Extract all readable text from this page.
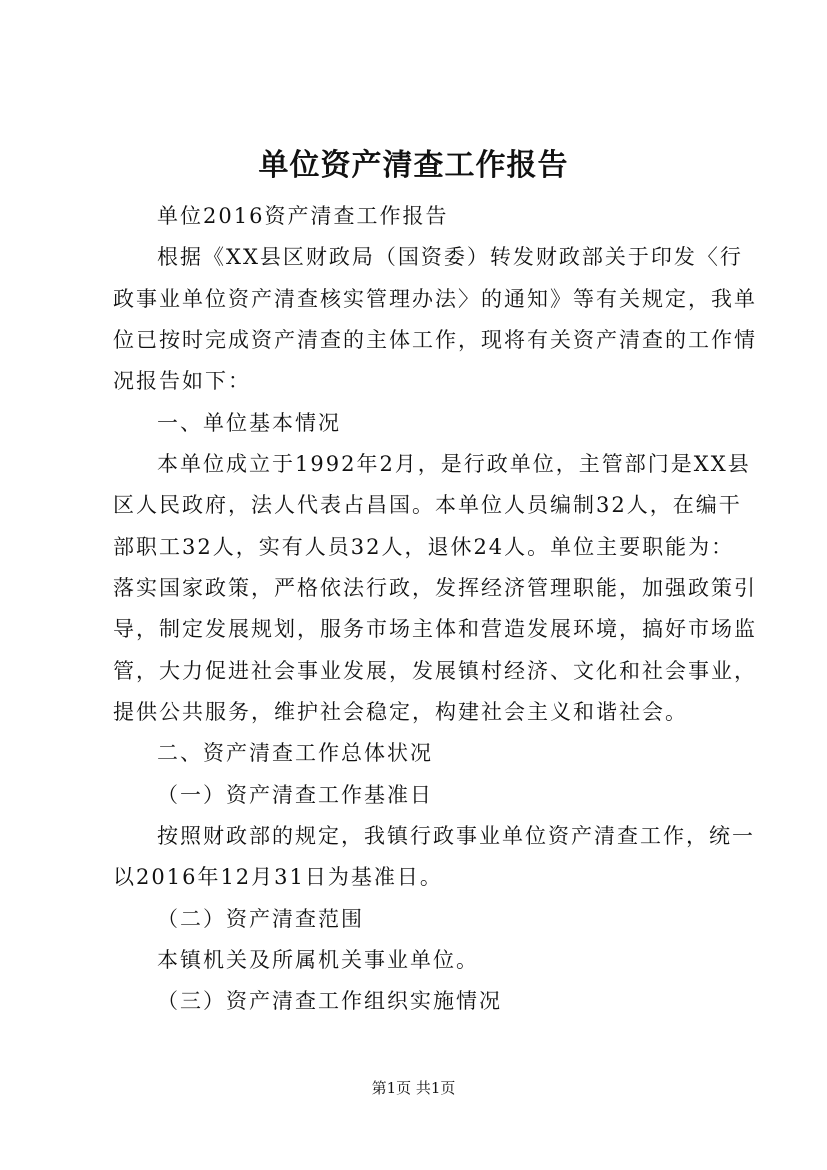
单位资产清查工作报告
单位2016资产清查工作报告
根据《XX县区财政局（国资委）转发财政部关于印发〈行
政事业单位资产清查核实管理办法〉的通知》等有关规定，我单
位已按时完成资产清查的主体工作，现将有关资产清查的工作情
况报告如下：
一、单位基本情况
本单位成立于1992年2月，是行政单位，主管部门是XX县
区人民政府，法人代表占昌国。本单位人员编制32人，在编干
部职工32人，实有人员32人，退休24人。单位主要职能为：
落实国家政策，严格依法行政，发挥经济管理职能，加强政策引
导，制定发展规划，服务市场主体和营造发展环境，搞好市场监
管，大力促进社会事业发展，发展镇村经济、文化和社会事业，
提供公共服务，维护社会稳定，构建社会主义和谐社会。
二、资产清查工作总体状况
（一）资产清查工作基准日
按照财政部的规定，我镇行政事业单位资产清查工作，统一
以2016年12月31日为基准日。
（二）资产清查范围
本镇机关及所属机关事业单位。
（三）资产清查工作组织实施情况
第1页 共1页
